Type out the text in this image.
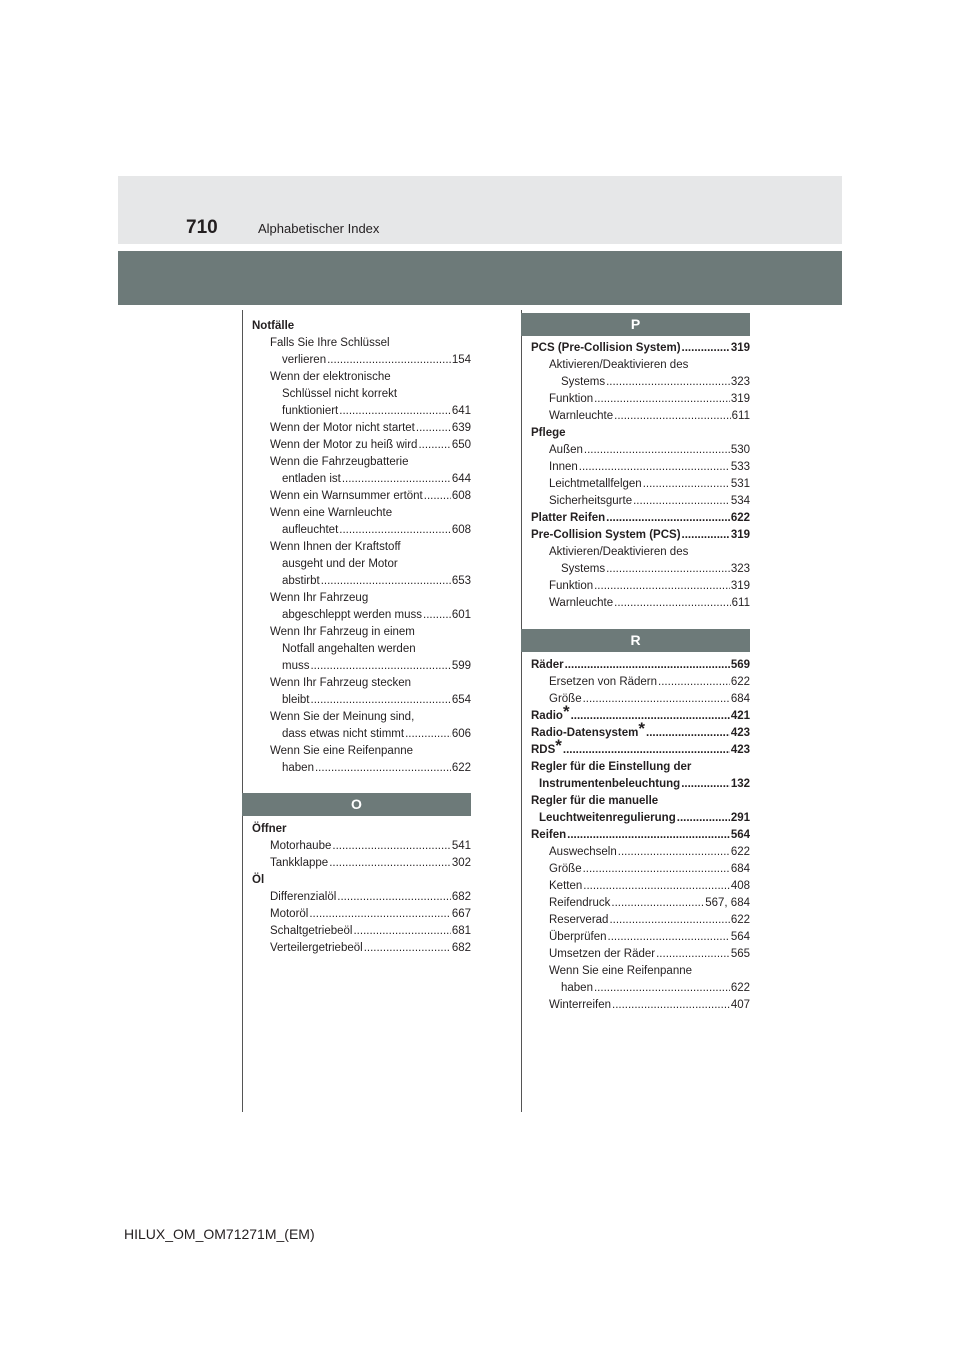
710	Alphabetischer Index
Notfälle
Falls Sie Ihre Schlüssel
verlieren .....	154
Wenn der elektronische
Schlüssel nicht korrekt
funktioniert .....	641
Wenn der Motor nicht startet .....	639
Wenn der Motor zu heiß wird .....	650
Wenn die Fahrzeugbatterie
entladen ist .....	644
Wenn ein Warnsummer ertönt .....	608
Wenn eine Warnleuchte
aufleuchtet .....	608
Wenn Ihnen der Kraftstoff
ausgeht und der Motor
abstirbt .....	653
Wenn Ihr Fahrzeug
abgeschleppt werden muss .....	601
Wenn Ihr Fahrzeug in einem
Notfall angehalten werden
muss .....	599
Wenn Ihr Fahrzeug stecken
bleibt .....	654
Wenn Sie der Meinung sind,
dass etwas nicht stimmt .....	606
Wenn Sie eine Reifenpanne
haben .....	622
O
Öffner
Motorhaube .....	541
Tankklappe .....	302
Öl
Differenzialöl .....	682
Motoröl .....	667
Schaltgetriebeöl .....	681
Verteilergetriebeöl .....	682
P
PCS (Pre-Collision System) .....	319
Aktivieren/Deaktivieren des
Systems .....	323
Funktion .....	319
Warnleuchte .....	611
Pflege
Außen .....	530
Innen .....	533
Leichtmetallfelgen .....	531
Sicherheitsgurte .....	534
Platter Reifen .....	622
Pre-Collision System (PCS) .....	319
Aktivieren/Deaktivieren des
Systems .....	323
Funktion .....	319
Warnleuchte .....	611
R
Räder .....	569
Ersetzen von Rädern .....	622
Größe .....	684
Radio * .....	421
Radio-Datensystem * .....	423
RDS * .....	423
Regler für die Einstellung der
Instrumentenbeleuchtung .....	132
Regler für die manuelle
Leuchtweitenregulierung .....	291
Reifen .....	564
Auswechseln .....	622
Größe .....	684
Ketten .....	408
Reifendruck .....	567, 684
Reserverad .....	622
Überprüfen .....	564
Umsetzen der Räder .....	565
Wenn Sie eine Reifenpanne
haben .....	622
Winterreifen .....	407
HILUX_OM_OM71271M_(EM)
